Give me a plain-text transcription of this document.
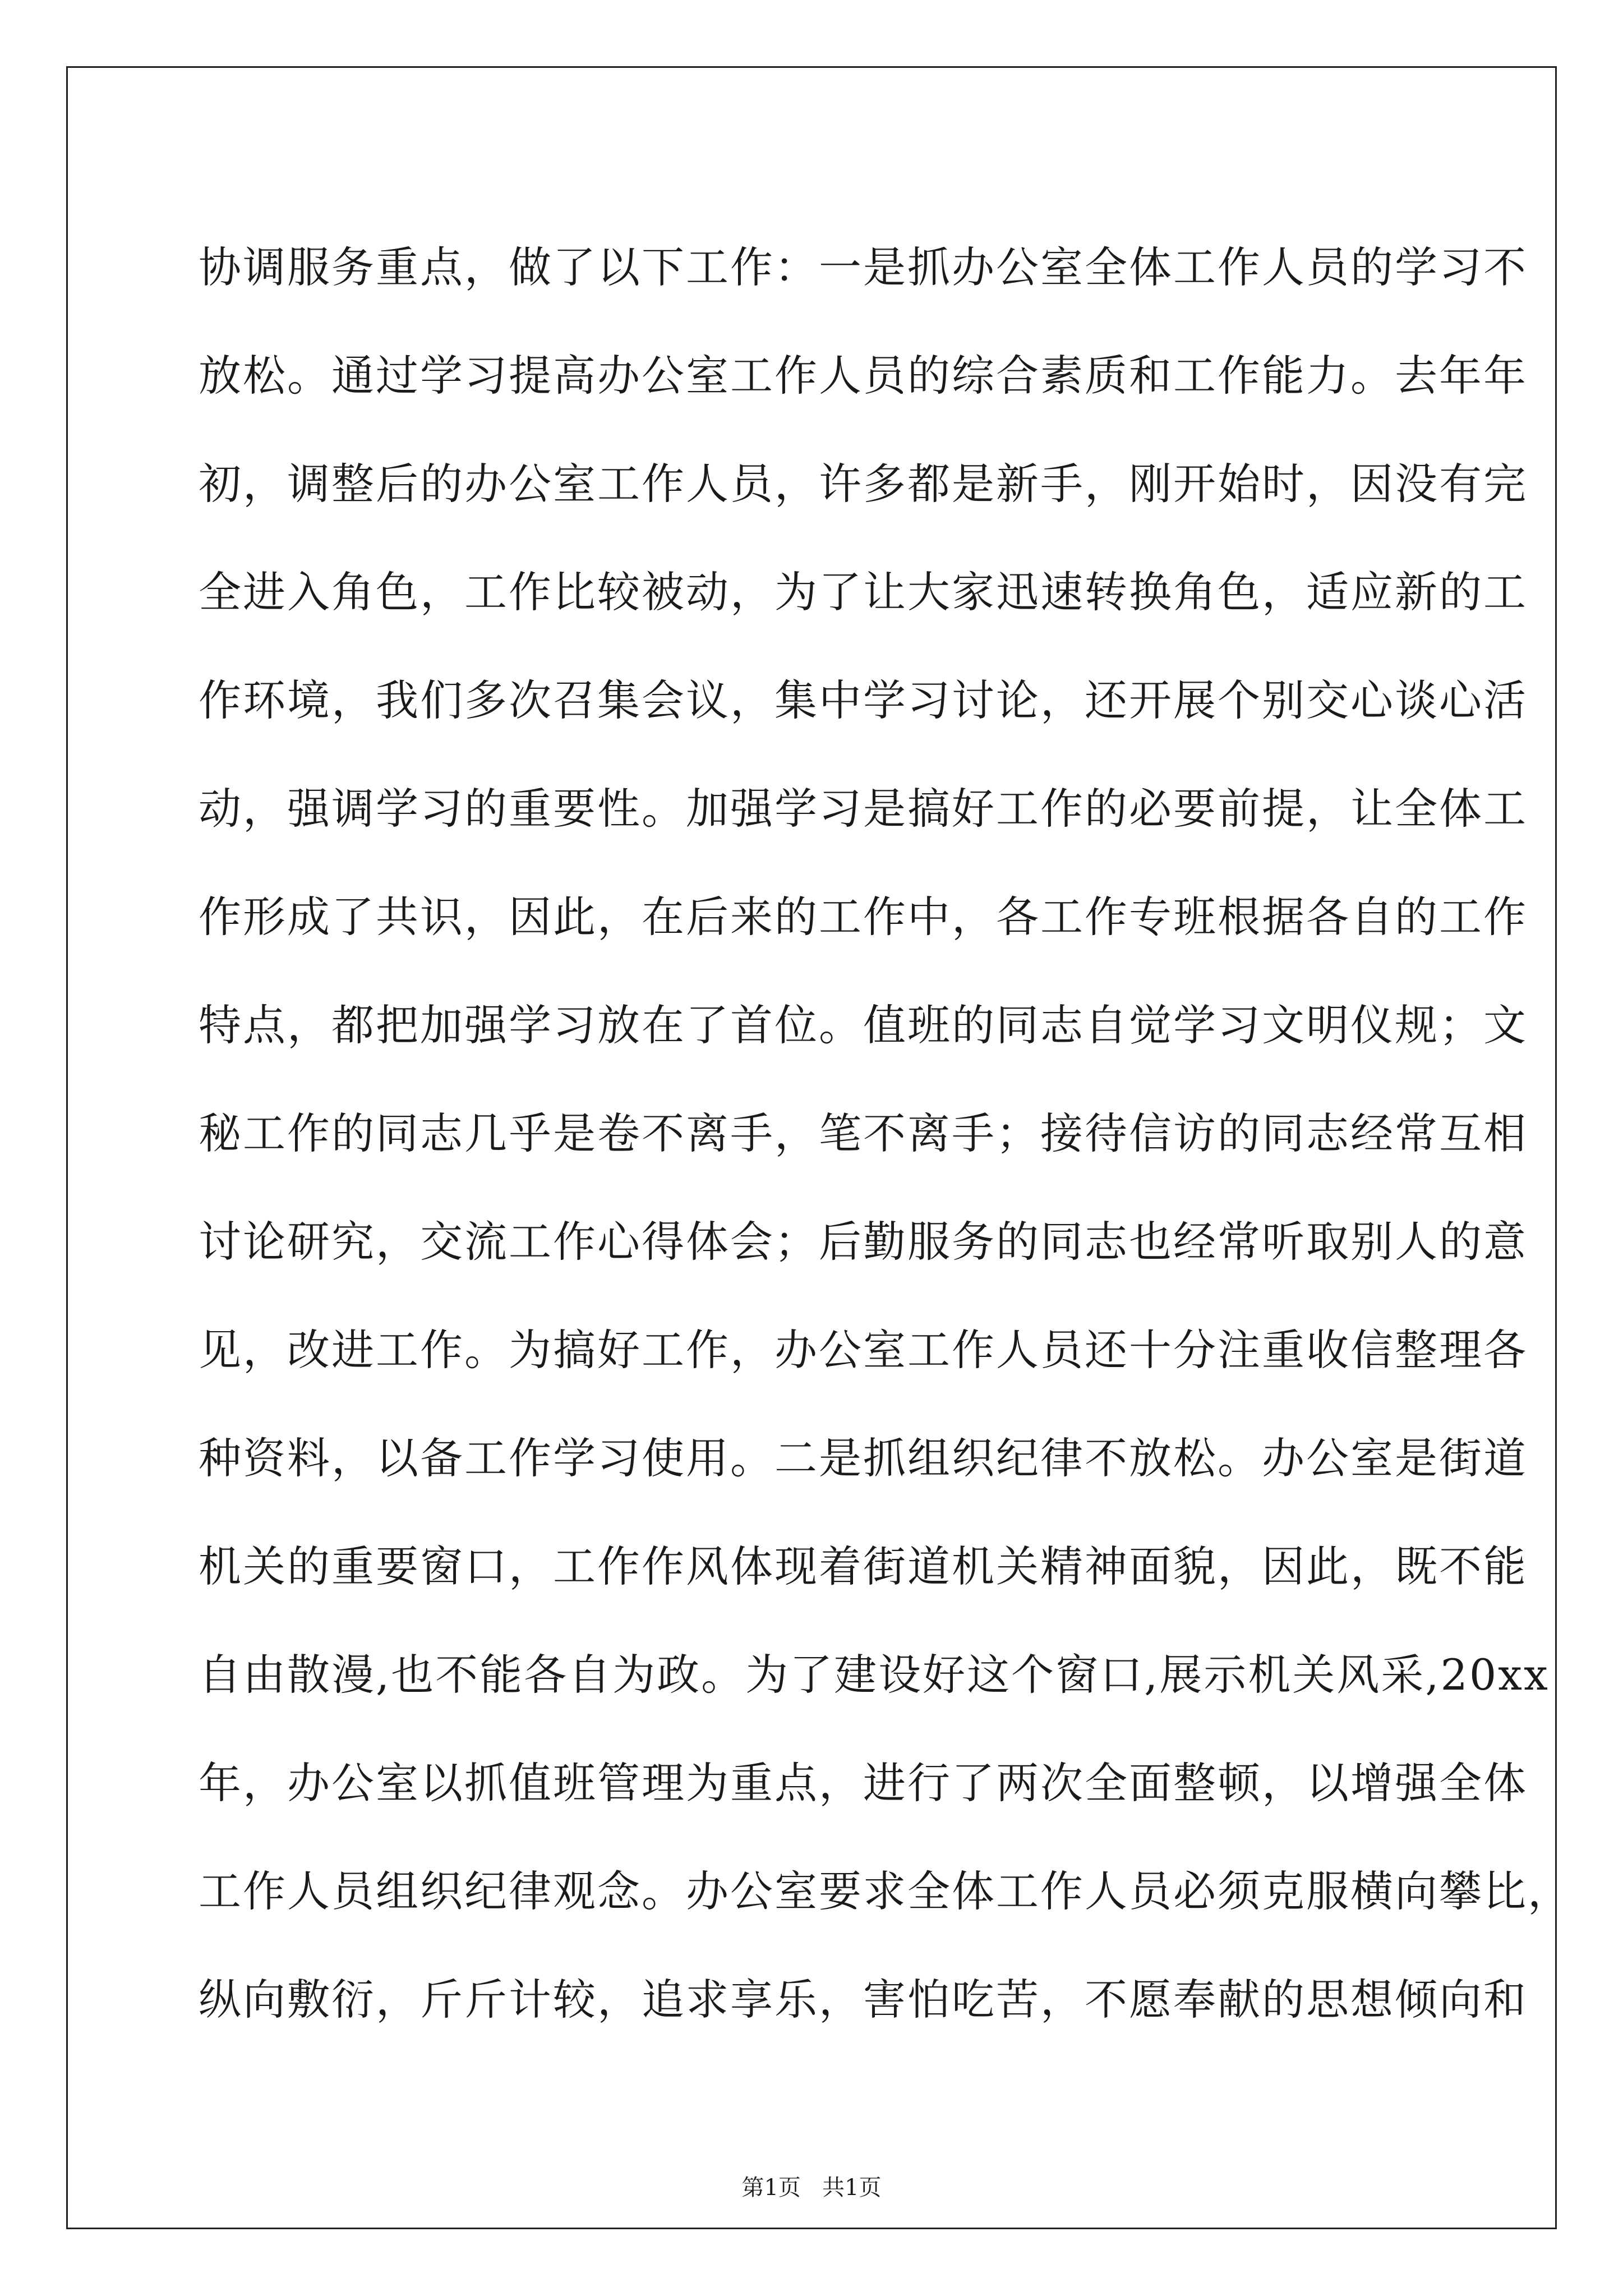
协调服务重点，做了以下工作：一是抓办公室全体工作人员的学习不
放松。通过学习提高办公室工作人员的综合素质和工作能力。去年年
初，调整后的办公室工作人员，许多都是新手，刚开始时，因没有完
全进入角色，工作比较被动，为了让大家迅速转换角色，适应新的工
作环境，我们多次召集会议，集中学习讨论，还开展个别交心谈心活
动，强调学习的重要性。加强学习是搞好工作的必要前提，让全体工
作形成了共识，因此，在后来的工作中，各工作专班根据各自的工作
特点，都把加强学习放在了首位。值班的同志自觉学习文明仪规；文
秘工作的同志几乎是卷不离手，笔不离手；接待信访的同志经常互相
讨论研究，交流工作心得体会；后勤服务的同志也经常听取别人的意
见，改进工作。为搞好工作，办公室工作人员还十分注重收信整理各
种资料，以备工作学习使用。二是抓组织纪律不放松。办公室是街道
机关的重要窗口，工作作风体现着街道机关精神面貌，因此，既不能
自由散漫,也不能各自为政。为了建设好这个窗口,展示机关风采,20xx
年，办公室以抓值班管理为重点，进行了两次全面整顿，以增强全体
工作人员组织纪律观念。办公室要求全体工作人员必须克服横向攀比，
纵向敷衍，斤斤计较，追求享乐，害怕吃苦，不愿奉献的思想倾向和
第1页   共1页
